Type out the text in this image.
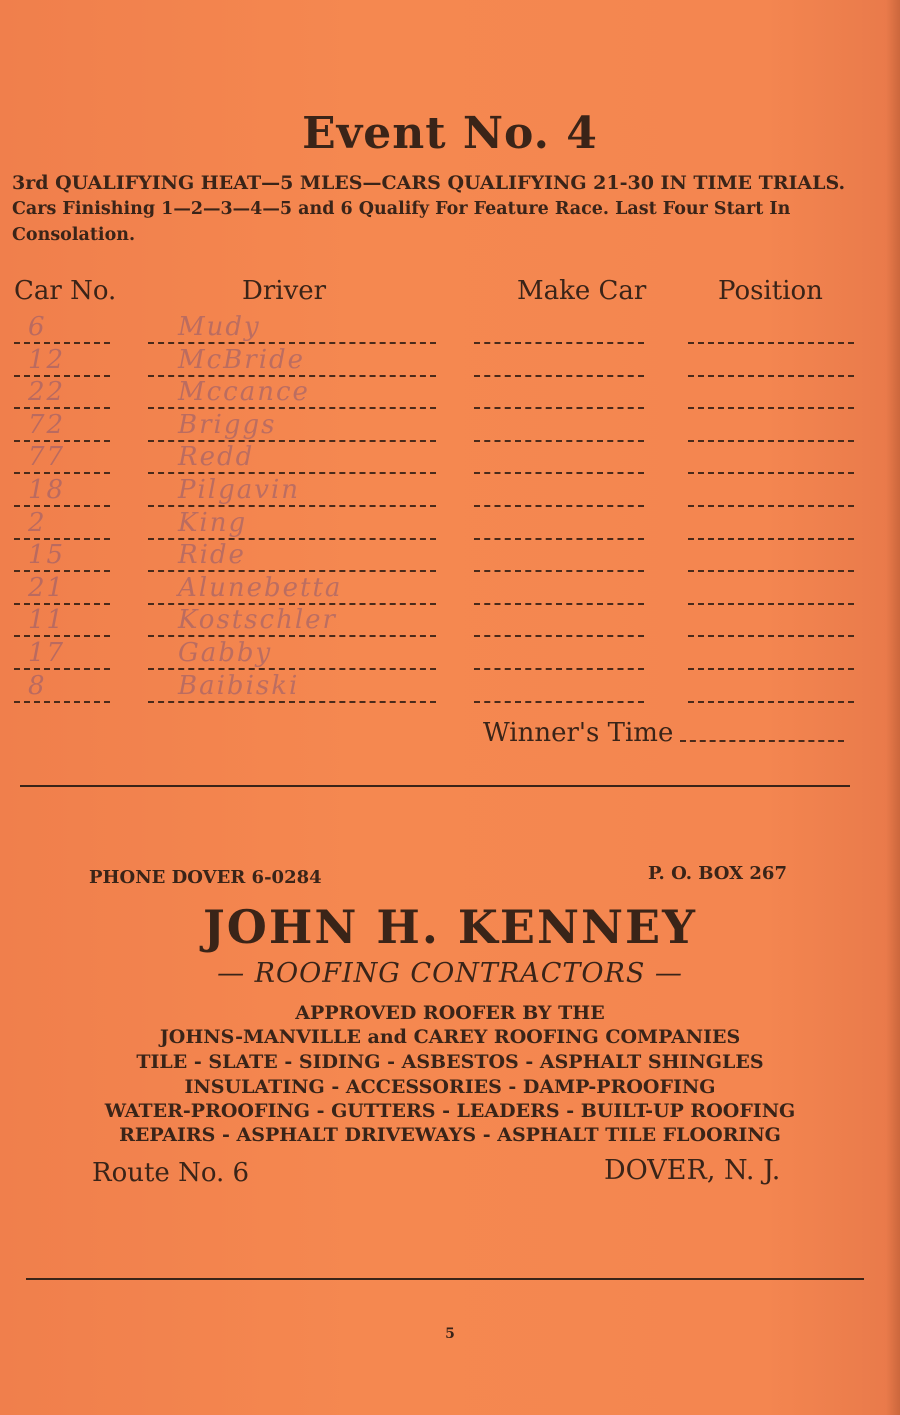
Event No. 4
3rd QUALIFYING HEAT—5 MLES—CARS QUALIFYING 21-30 IN TIME TRIALS.
Cars Finishing 1—2—3—4—5 and 6 Qualify For Feature Race. Last Four Start In
Consolation.
Car No.	Driver	Make Car	Position
6	Mudy
12	McBride
22	Mccance
72	Briggs
77	Redd
18	Pilgavin
2	King
15	Ride
21	Alunebetta
11	Kostschler
17	Gabby
8	Baibiski
Winner's Time
PHONE DOVER 6-0284	P. O. BOX 267
JOHN H. KENNEY
— ROOFING CONTRACTORS —
APPROVED ROOFER BY THE
JOHNS-MANVILLE and CAREY ROOFING COMPANIES
TILE - SLATE - SIDING - ASBESTOS - ASPHALT SHINGLES
INSULATING - ACCESSORIES - DAMP-PROOFING
WATER-PROOFING - GUTTERS - LEADERS - BUILT-UP ROOFING
REPAIRS - ASPHALT DRIVEWAYS - ASPHALT TILE FLOORING
Route No. 6	DOVER, N. J.
5
